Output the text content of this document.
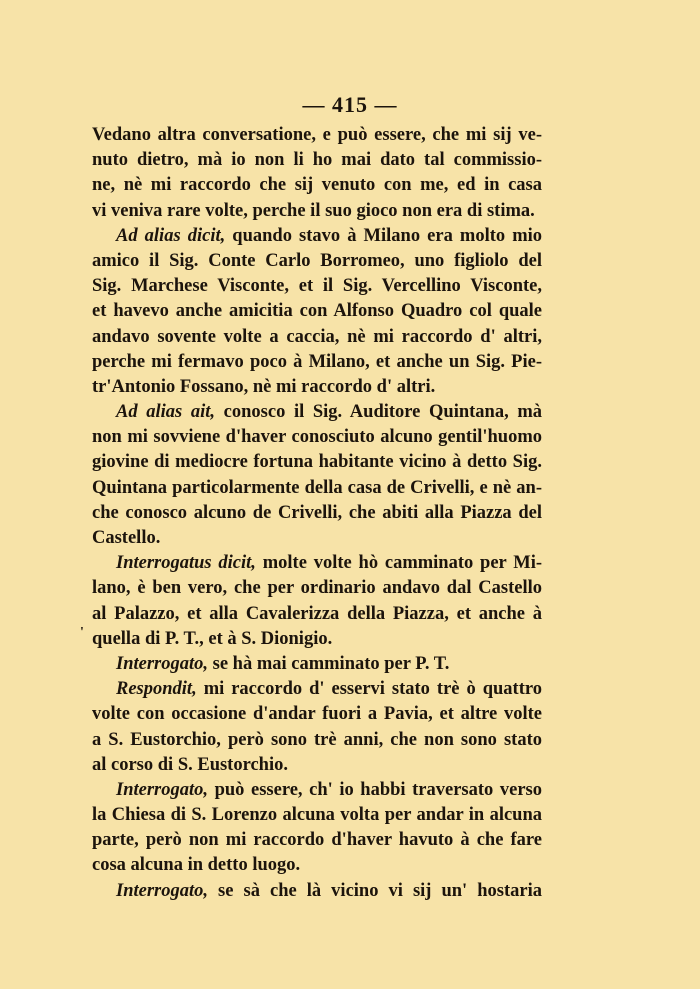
— 415 —
'
Vedano altra conversatione, e può essere, che mi sij ve-
nuto dietro, mà io non li ho mai dato tal commissio-
ne, nè mi raccordo che sij venuto con me, ed in casa
vi veniva rare volte, perche il suo gioco non era di stima.
Ad alias dicit, quando stavo à Milano era molto mio
amico il Sig. Conte Carlo Borromeo, uno figliolo del
Sig. Marchese Visconte, et il Sig. Vercellino Visconte,
et havevo anche amicitia con Alfonso Quadro col quale
andavo sovente volte a caccia, nè mi raccordo d' altri,
perche mi fermavo poco à Milano, et anche un Sig. Pie-
tr'Antonio Fossano, nè mi raccordo d' altri.
Ad alias ait, conosco il Sig. Auditore Quintana, mà
non mi sovviene d'haver conosciuto alcuno gentil'huomo
giovine di mediocre fortuna habitante vicino à detto Sig.
Quintana particolarmente della casa de Crivelli, e nè an-
che conosco alcuno de Crivelli, che abiti alla Piazza del
Castello.
Interrogatus dicit, molte volte hò camminato per Mi-
lano, è ben vero, che per ordinario andavo dal Castello
al Palazzo, et alla Cavalerizza della Piazza, et anche à
quella di P. T., et à S. Dionigio.
Interrogato, se hà mai camminato per P. T.
Respondit, mi raccordo d' esservi stato trè ò quattro
volte con occasione d'andar fuori a Pavia, et altre volte
a S. Eustorchio, però sono trè anni, che non sono stato
al corso di S. Eustorchio.
Interrogato, può essere, ch' io habbi traversato verso
la Chiesa di S. Lorenzo alcuna volta per andar in alcuna
parte, però non mi raccordo d'haver havuto à che fare
cosa alcuna in detto luogo.
Interrogato, se sà che là vicino vi sij un' hostaria
